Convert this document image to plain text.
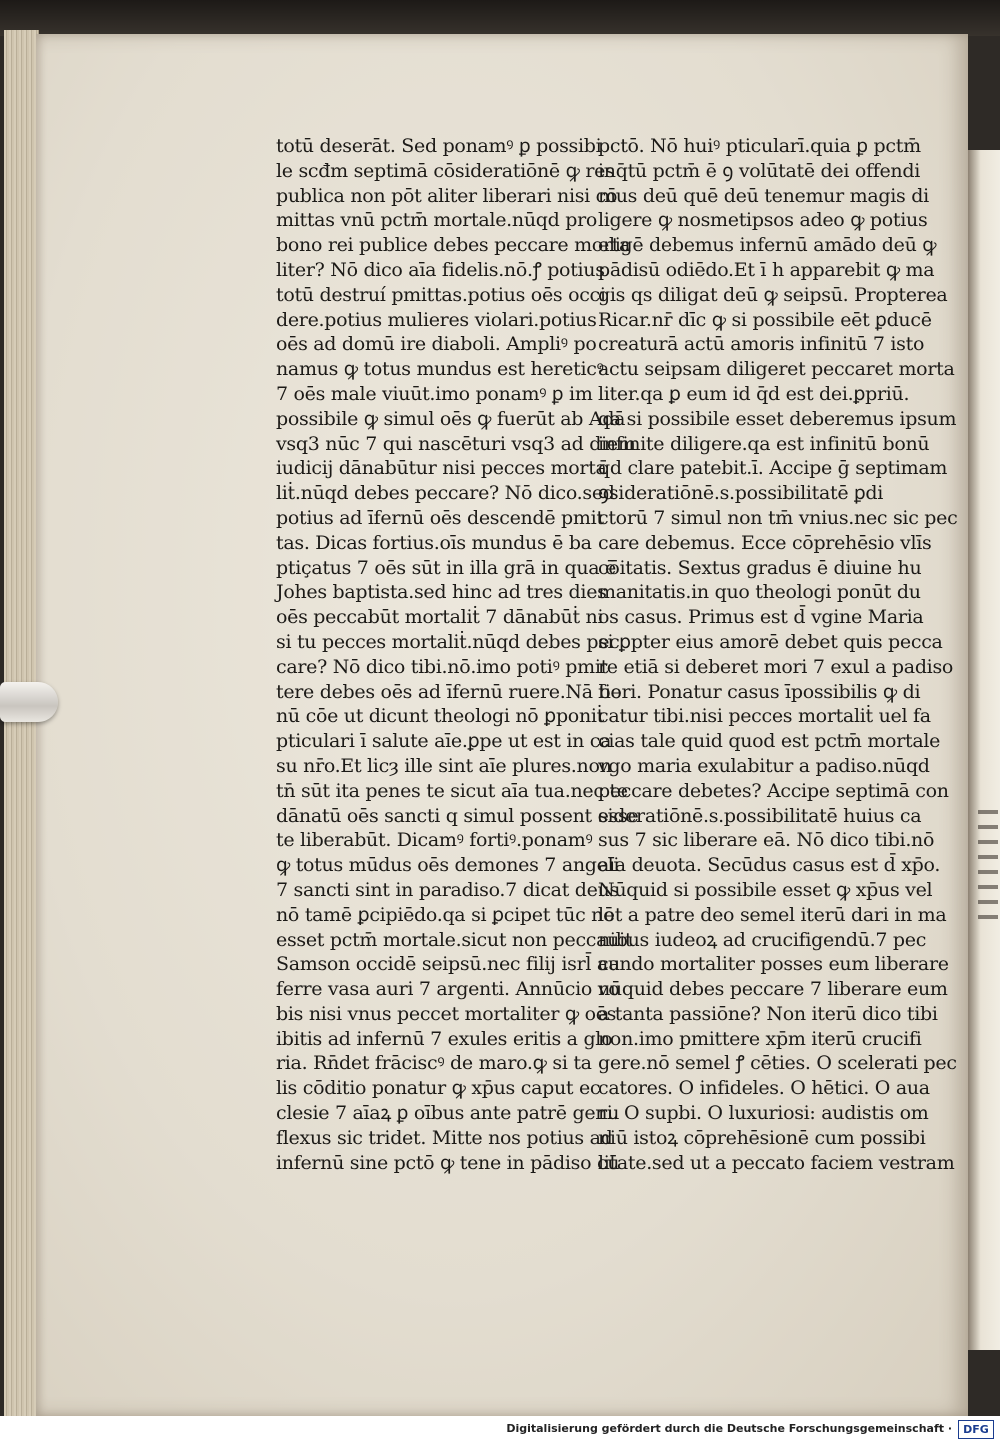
totū deserāt. Sed ponamꝰ ꝑ possibi
le scđm septimā cōsideratiōnē ꝙ res
publica non pōt aliter liberari nisi cō
mittas vnū pctm̄ mortale.nūqd pro
bono rei publice debes peccare morta
liter? Nō dico aīa fidelis.nō.ꝭ potius
totū destruí pmittas.potius oēs occi
dere.potius mulieres violari.potius
oēs ad domū ire diaboli. Ampliꝰ po
namus ꝙ totus mundus est hereticꝰ
7 oēs male viuūt.imo ponamꝰ ꝑ im
possibile ꝙ simul oēs ꝙ fuerūt ab Adā
vsq3 nūc 7 qui nascēturi vsq3 ad diem
iudicij dānabūtur nisi pecces morta
liṫ.nūqd debes peccare? Nō dico.sed
potius ad īfernū oēs descendē pmit
tas. Dicas fortius.oīs mundus ē ba
ptiçatus 7 oēs sūt in illa grā in qua ē
Johes baptista.sed hinc ad tres dies
oēs peccabūt mortaliṫ 7 dānabūṫ ni
si tu pecces mortaliṫ.nūqd debes pec
care? Nō dico tibi.nō.imo potiꝰ pmit
tere debes oēs ad īfernū ruere.Nā bo
nū cōe ut dicunt theologi nō ꝑponiṫ
pticulari ī salute aīe.ꝑpe ut est in ca
su nr̄o.Et licȝ ille sint aīe plures.non
tn̄ sūt ita penes te sicut aīa tua.nec te
dānatū oēs sancti q simul possent esse
te liberabūt. Dicamꝰ fortiꝰ.ponamꝰ
ꝙ totus mūdus oēs demones 7 angeli
7 sancti sint in paradiso.7 dicat deus
nō tamē ꝑcipiēdo.qa si ꝑcipet tūc nō
esset pctm̄ mortale.sicut non peccauit
Samson occidē seipsū.nec filij isrl̄ au
ferre vasa auri 7 argenti. Annūcio vo
bis nisi vnus peccet mortaliter ꝙ oēs
ibitis ad infernū 7 exules eritis a glo
ria. Rn̄det frāciscꝰ de maro.ꝙ si ta
lis cōditio ponatur ꝙ xp̄us caput ec
clesie 7 aīaꝝ ꝑ oībus ante patrē genu
flexus sic tridet. Mitte nos potius ad
infernū sine pctō ꝙ tene in pādiso cū
pctō. Nō huiꝰ pticularī.quia ꝑ pctm̄
inq̄tū pctm̄ ē ꝯ volūtatē dei offendi
mus deū quē deū tenemur magis di
ligere ꝙ nosmetipsos adeo ꝙ potius
eligē debemus infernū amādo deū ꝙ
pādisū odiēdo.Et ī h apparebit ꝙ ma
gis qs diligat deū ꝙ seipsū. Propterea
Ricar.nr̄ dīc ꝙ si possibile eēt ꝑducē
creaturā actū amoris infinitū 7 isto
actu seipsam diligeret peccaret morta
liter.qa ꝑ eum id q̄d est dei.ꝑpriū.
qa si possibile esset deberemus ipsum
infinite diligere.qa est infinitū bonū
q̄d clare patebit.ī. Accipe ḡ septimam
ꝯsideratiōnē.s.possibilitatē ꝑdi
ctorū 7 simul non tm̄ vnius.nec sic pec
care debemus. Ecce cōprehēsio vlīs
cōitatis. Sextus gradus ē diuine hu
manitatis.in quo theologi ponūt du
os casus. Primus est d̄ vgine Maria
si ꝑpter eius amorē debet quis pecca
re etiā si deberet mori 7 exul a padiso
fieri. Ponatur casus īpossibilis ꝙ di
catur tibi.nisi pecces mortaliṫ uel fa
cias tale quid quod est pctm̄ mortale
vgo maria exulabitur a padiso.nūqd
peccare debetes? Accipe septimā con
sideratiōnē.s.possibilitatē huius ca
sus 7 sic liberare eā. Nō dico tibi.nō
aīa deuota. Secūdus casus est d̄ xp̄o.
Nūquid si possibile esset ꝙ xp̄us vel
let a patre deo semel iterū dari in ma
nibus iudeoꝝ ad crucifigendū.7 pec
cando mortaliter posses eum liberare
nūquid debes peccare 7 liberare eum
a tanta passiōne? Non iterū dico tibi
non.imo pmittere xp̄m iterū crucifi
gere.nō semel ꝭ cēties. O scelerati pec
catores. O infideles. O hētici. O aua
ri. O supbi. O luxuriosi: audistis om
niū istoꝝ cōprehēsionē cum possibi
litate.sed ut a peccato faciem vestram
Digitalisierung gefördert durch die Deutsche Forschungsgemeinschaft ·	DFG
